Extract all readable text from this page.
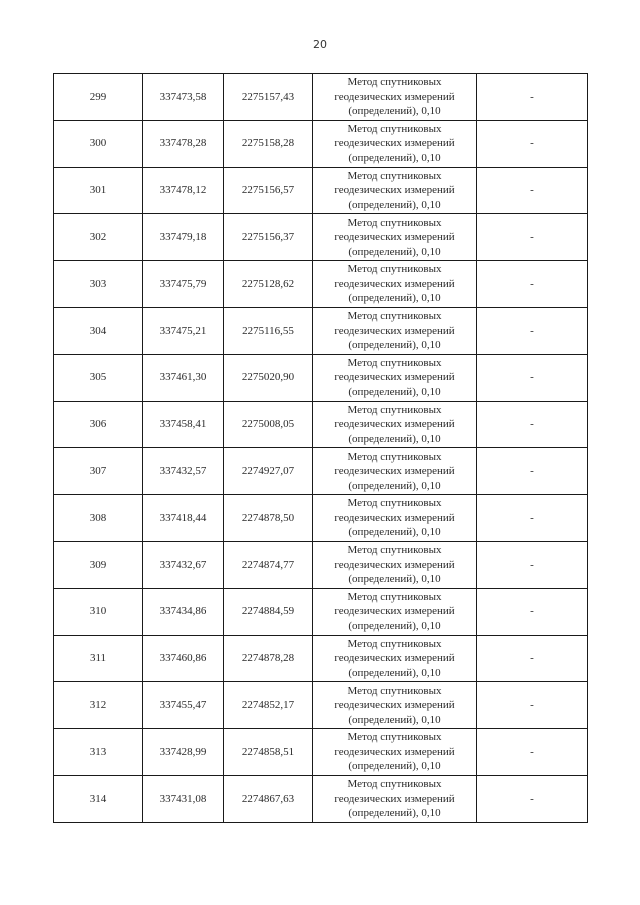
20
299	337473,58	2275157,43	Метод спутниковых
геодезических измерений
(определений), 0,10	-
300	337478,28	2275158,28	Метод спутниковых
геодезических измерений
(определений), 0,10	-
301	337478,12	2275156,57	Метод спутниковых
геодезических измерений
(определений), 0,10	-
302	337479,18	2275156,37	Метод спутниковых
геодезических измерений
(определений), 0,10	-
303	337475,79	2275128,62	Метод спутниковых
геодезических измерений
(определений), 0,10	-
304	337475,21	2275116,55	Метод спутниковых
геодезических измерений
(определений), 0,10	-
305	337461,30	2275020,90	Метод спутниковых
геодезических измерений
(определений), 0,10	-
306	337458,41	2275008,05	Метод спутниковых
геодезических измерений
(определений), 0,10	-
307	337432,57	2274927,07	Метод спутниковых
геодезических измерений
(определений), 0,10	-
308	337418,44	2274878,50	Метод спутниковых
геодезических измерений
(определений), 0,10	-
309	337432,67	2274874,77	Метод спутниковых
геодезических измерений
(определений), 0,10	-
310	337434,86	2274884,59	Метод спутниковых
геодезических измерений
(определений), 0,10	-
311	337460,86	2274878,28	Метод спутниковых
геодезических измерений
(определений), 0,10	-
312	337455,47	2274852,17	Метод спутниковых
геодезических измерений
(определений), 0,10	-
313	337428,99	2274858,51	Метод спутниковых
геодезических измерений
(определений), 0,10	-
314	337431,08	2274867,63	Метод спутниковых
геодезических измерений
(определений), 0,10	-
